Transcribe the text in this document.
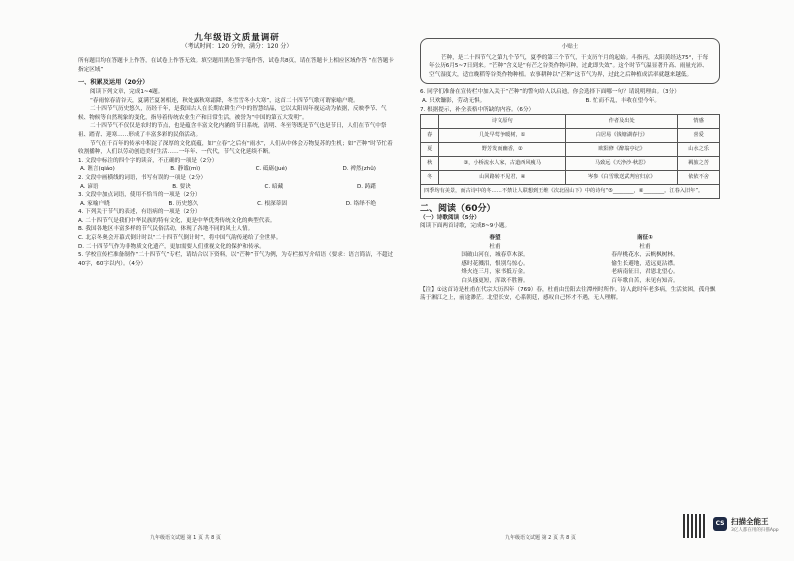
九年级语文质量调研

（考试时间：120 分钟，满分：120 分）

所有题目均在答题卡上作答，在试卷上作答无效。填空题用黑色签字笔作答，试卷共8页，请在答题卡上相应区域作答 “在答题卡指定区域”

一、积累及运用（20分）

阅读下列文章，完成1~4题。

“春雨惊春清谷天，夏满芒夏暑相连，秋处露秋寒霜降，冬雪雪冬小大寒”，这首二十四节气歌可谓家喻户晓。

二十四节气历史悠久，历经千年，是我国古人在长期农耕生产中的智慧结晶，它以太阳周年视运动为依据，反映季节、气候、物候等自然现象的变化，指导着传统农业生产和日常生活，被誉为“中国的第五大发明”。

二十四节气不仅仅是农时的节点，也是蕴含丰富文化内涵的节日系统，清明、冬至等既是节气也是节日，人们在节气中祭祖、踏青、迎寒……形成了丰富多彩的民俗活动。

节气在千百年的传承中积淀了深厚的文化底蕴，如“立春”之后有“雨水”，人们从中体会万物复苏的生机；如“芒种”时节忙着收割播种，人们以劳动创造美好生活……一年年、一代代，节气文化延续不断。

1. 文段中标注的四个字的读音，不正确的一项是（2分）

A. 谯言(qiáo)	B. 静谧(mì)	C. 砥砺(jué)	D. 裨然(zhǔ)

2. 文段中画横线的词语，书写有误的一项是（2分）

A. 谚语	B. 要诀	C. 暗藏	D. 踌躇

3. 文段中加点词语，使用不恰当的一项是（2分）

A. 家喻户晓	B. 历史悠久	C. 根深蒂固	D. 络绎不绝

4. 下列关于节气的表述，有语病的一项是（2分）

A. 二十四节气是我们中华民族的特有文化，更是中华优秀传统文化的典型代表。

B. 我国各地区丰富多样的节气民俗活动，体现了各地不同的风土人情。

C. 北京冬奥会开幕式倒计时以“二十四节气倒计时”，将中国气韵传递给了全世界。

D. 二十四节气作为非物质文化遗产，更加需要人们重视文化的保护和传承。

5. 学校宣传栏准备制作“二十四节气”专栏，请结合以下资料，以“芒种”节气为例，为专栏拟写介绍语（要求：语言简洁，不超过40字，60字以内）。（4分）

九年级语文试题 第 1 页 共 8 页
小贴士

芒种，是二十四节气之第九个节气，夏季的第三个节气，干支历午月的起始。斗指丙，太阳黄经达75°，于每年公历6月5~7日到来。“芒种”含义是“有芒之谷类作物可种，过此即失效”。这个时节气温显著升高、雨量充沛、空气湿度大，适宜晚稻等谷类作物种植。农事耕种以“芒种”这节气为界，过此之后种植成活率就越来越低。

6. 同学们准备在宣传栏中加入关于“芒种”的警句给人以启迪，你会选择下面哪一句？请说明理由。（3分）

A. 只欢镰影，劳动无惧。	B. 忙而不乱，丰收在望今年。

7. 根据提示，补全表格中所缺的内容。（6分）

	诗文原句	作者及出处	情感
春	几处早莺争暖树，①	白居易《钱塘湖春行》	喜爱
夏	野芳发而幽香，②	欧阳修《醉翁亭记》	山水之乐
秋	③，小桥流水人家，古道西风瘦马	马致远《天净沙·秋思》	羁旅之苦
冬	山回路转不见君，④	岑参《白雪歌送武判官归京》	依依不舍
四季均有美景，而古诗中的冬……不禁让人联想到王维《次北固山下》中的诗句“⑤________，⑥________。江春入旧年”。			

二、阅读（60分）

（一）诗歌阅读（5分）

阅读下面两首诗歌，完成8~9小题。

春望
杜甫
国破山河在，城春草木深。
感时花溅泪，恨别鸟惊心。
烽火连三月，家书抵万金。
白头搔更短，浑欲不胜簪。
南征①
杜甫
春岸桃花水，云帆枫树林。
偷生长避地，适远更沾襟。
老病南征日，君恩北望心。
百年歌自苦，未见有知音。

【注】①这首诗是杜甫在代宗大历四年（769）春，杜甫由岳阳去往潭州时所作。诗人此时年老多病，生活贫困，孤舟飘荡于湘江之上，前途渺茫。北望长安，心系朝廷，感叹自己怀才不遇，无人理解。

九年级语文试题 第 2 页 共 8 页
CS 扫描全能王
3亿人都在用的扫描App
